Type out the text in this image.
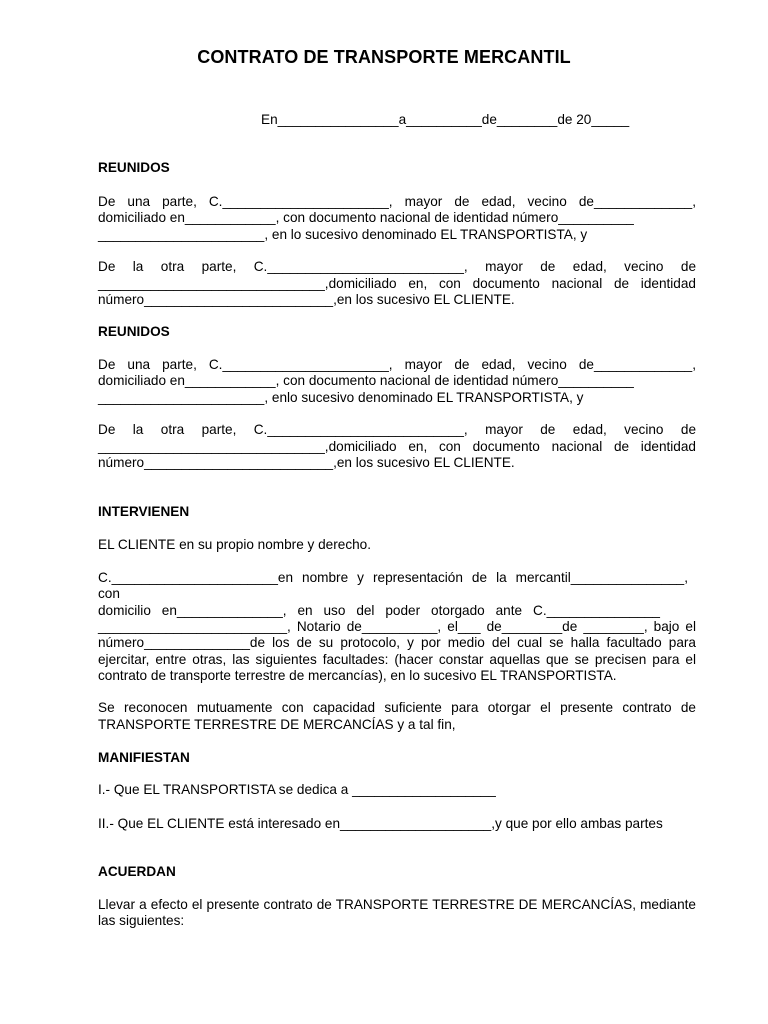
CONTRATO DE TRANSPORTE MERCANTIL
En________________a__________de________de 20_____
REUNIDOS
De una parte, C.______________________, mayor de edad, vecino de_____________,
domiciliado en____________, con documento nacional de identidad número__________
______________________, en lo sucesivo denominado EL TRANSPORTISTA, y
De la otra parte, C.__________________________, mayor de edad, vecino de
______________________________,domiciliado en, con documento nacional de identidad
número_________________________,en los sucesivo EL CLIENTE.
REUNIDOS
De una parte, C.______________________, mayor de edad, vecino de_____________,
domiciliado en____________, con documento nacional de identidad número__________
______________________, enlo sucesivo denominado EL TRANSPORTISTA, y
De la otra parte, C.__________________________, mayor de edad, vecino de
______________________________,domiciliado en, con documento nacional de identidad
número_________________________,en los sucesivo EL CLIENTE.
INTERVIENEN
EL CLIENTE en su propio nombre y derecho.
C.______________________en nombre y representación de la mercantil_______________,
con
domicilio en______________, en uso del poder otorgado ante C._______________
_________________________, Notario de__________, el___ de________de ________, bajo el
número______________de los de su protocolo, y por medio del cual se halla facultado para
ejercitar, entre otras, las siguientes facultades: (hacer constar aquellas que se precisen para el
contrato de transporte terrestre de mercancías), en lo sucesivo EL TRANSPORTISTA.
Se reconocen mutuamente con capacidad suficiente para otorgar el presente contrato de
TRANSPORTE TERRESTRE DE MERCANCÍAS y a tal fin,
MANIFIESTAN
I.- Que EL TRANSPORTISTA se dedica a ___________________
II.- Que EL CLIENTE está interesado en____________________,y que por ello ambas partes
ACUERDAN
Llevar a efecto el presente contrato de TRANSPORTE TERRESTRE DE MERCANCÍAS, mediante
las siguientes:
